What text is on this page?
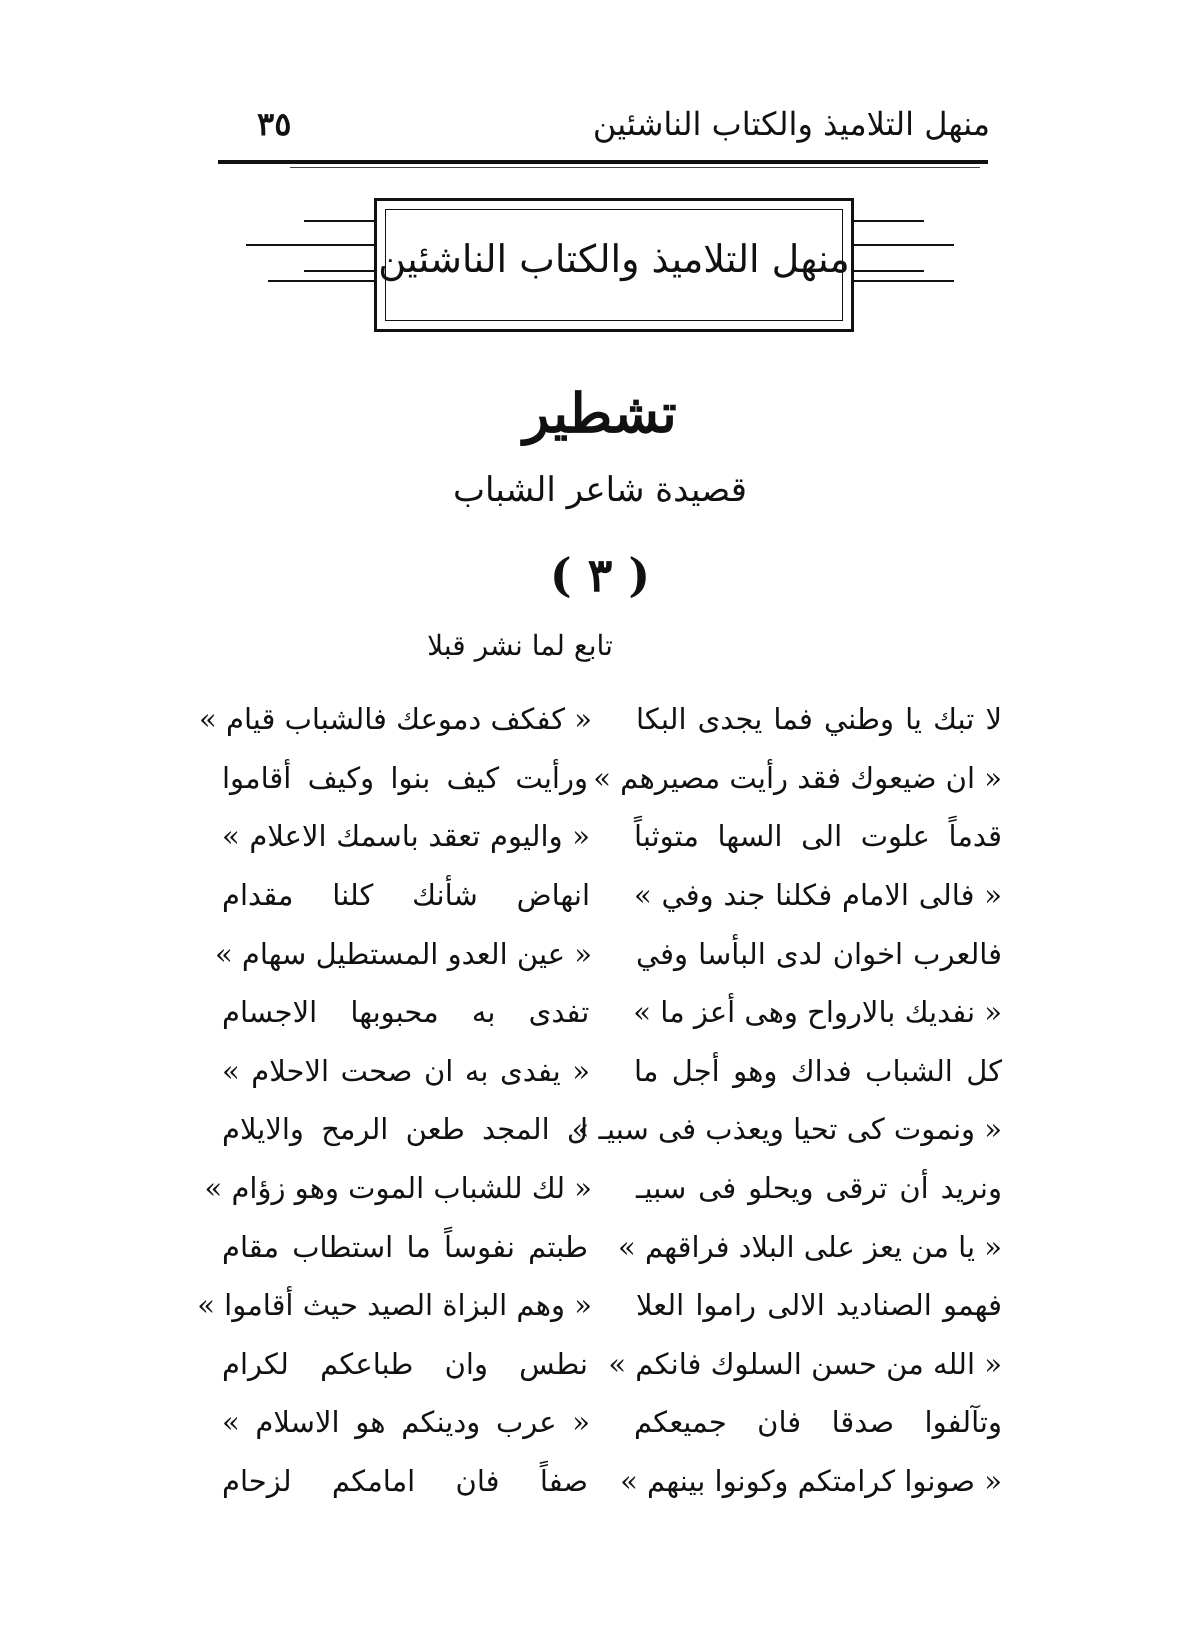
منهل التلاميذ والكتاب الناشئين
٣٥
منهل التلاميذ والكتاب الناشئين
تشطير
قصيدة شاعر الشباب
( ٣ )
تابع لما نشر قبلا
لا تبك يا وطني فما يجدى البكا
« كفكف دموعك فالشباب قيام »
« ان ضيعوك فقد رأيت مصيرهم »
ورأيت كيف بنوا وكيف أقاموا
قدماً علوت الى السها متوثباً
« واليوم تعقد باسمك الاعلام »
« فالى الامام فكلنا جند وفي »
انهاض شأنك كلنا مقدام
فالعرب اخوان لدى البأسا وفي
« عين العدو المستطيل سهام »
« نفديك بالارواح وهى أعز ما »
تفدى به محبوبها الاجسام
كل الشباب فداك وهو أجل ما
« يفدى به ان صحت الاحلام »
« ونموت كى تحيا ويعذب فى سبيـ »
ل المجد طعن الرمح والايلام
ونريد أن ترقى ويحلو فى سبيـ
« لك للشباب الموت وهو زؤام »
« يا من يعز على البلاد فراقهم »
طبتم نفوساً ما استطاب مقام
فهمو الصناديد الالى راموا العلا
« وهم البزاة الصيد حيث أقاموا »
« الله من حسن السلوك فانكم »
نطس وان طباعكم لكرام
وتآلفوا صدقا فان جميعكم
« عرب ودينكم هو الاسلام »
« صونوا كرامتكم وكونوا بينهم »
صفاً فان امامكم لزحام
